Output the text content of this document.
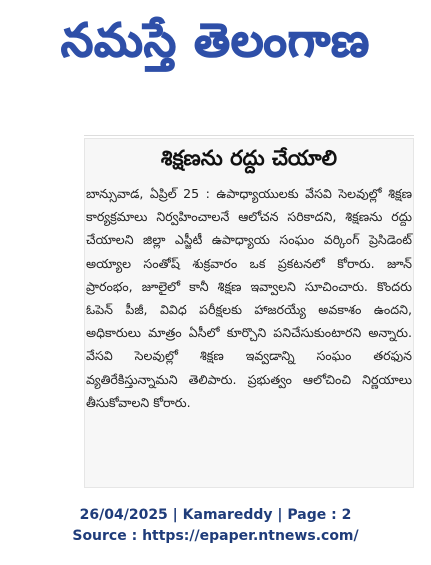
నమస్తే తెలంగాణ
శిక్షణను రద్దు చేయాలి
బాన్సువాడ, ఏప్రిల్ 25 : ఉపాధ్యాయులకు వేసవి సెలవుల్లో శిక్షణ కార్యక్రమాలు నిర్వహించాలనే ఆలోచన సరికాదని, శిక్షణను రద్దు చేయాలని జిల్లా ఎస్జీటీ ఉపాధ్యాయ సంఘం వర్కింగ్ ప్రెసిడెంట్ అయ్యాల సంతోష్ శుక్రవారం ఒక ప్రకటనలో కోరారు. జూన్ ప్రారంభం, జూలైలో కానీ శిక్షణ ఇవ్వాలని సూచించారు. కొందరు ఓపెన్ పీజీ, వివిధ పరీక్షలకు హాజరయ్యే అవకాశం ఉందని, అధికారులు మాత్రం ఏసీలో కూర్చొని పనిచేసుకుంటారని అన్నారు. వేసవి సెలవుల్లో శిక్షణ ఇవ్వడాన్ని సంఘం తరఫున వ్యతిరేకిస్తున్నామని తెలిపారు. ప్రభుత్వం ఆలోచించి నిర్ణయాలు తీసుకోవాలని కోరారు.
26/04/2025 | Kamareddy | Page : 2
Source : https://epaper.ntnews.com/
